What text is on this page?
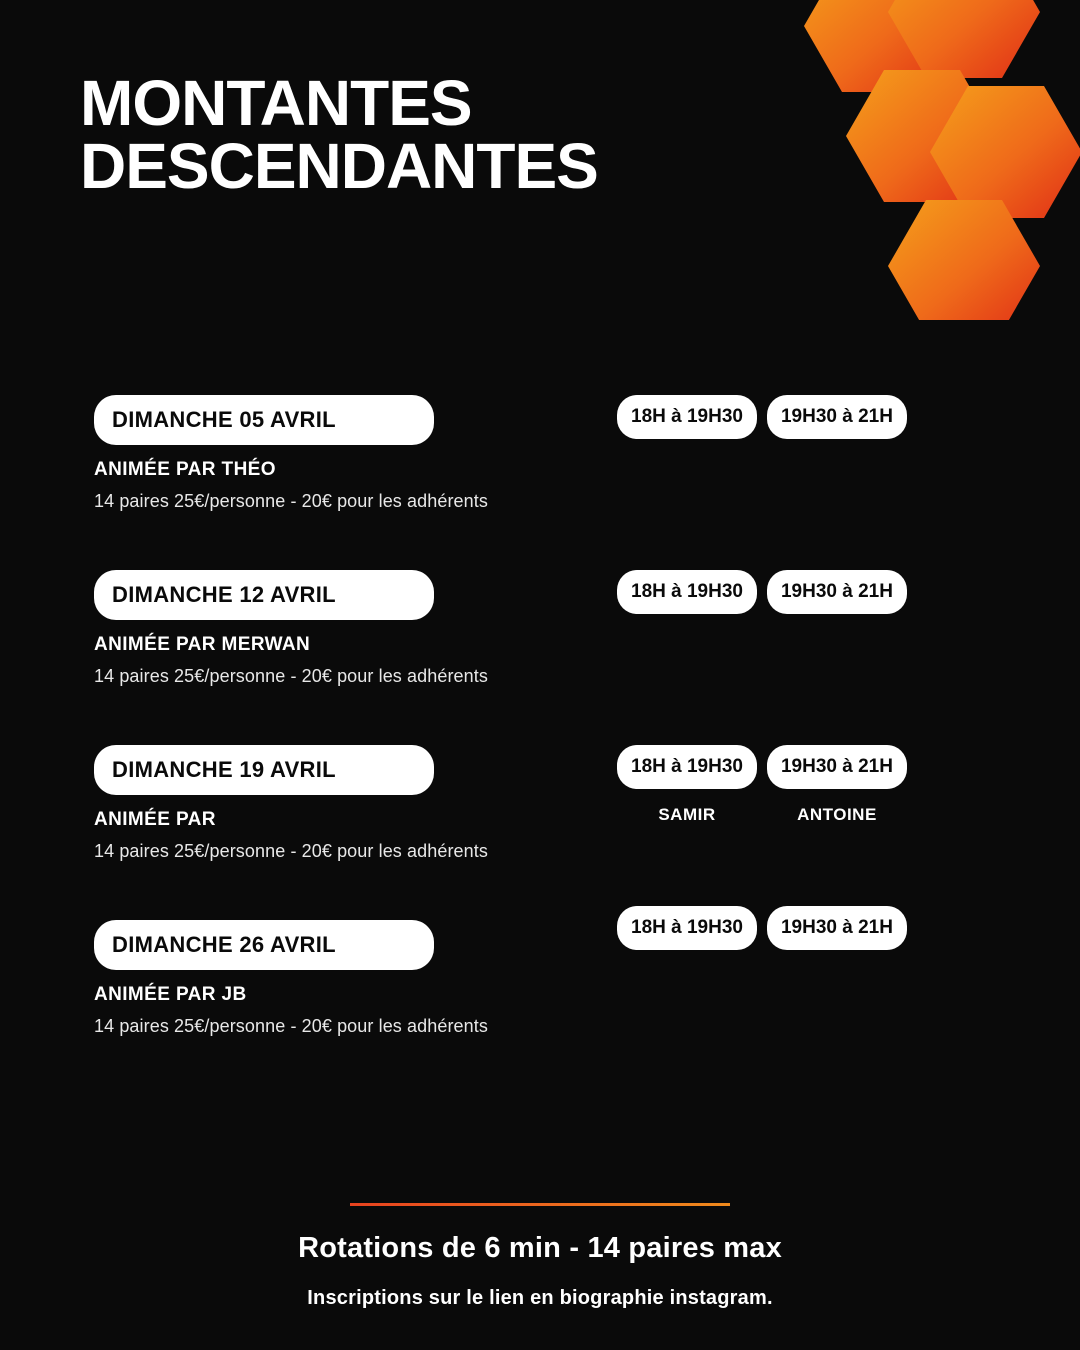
MONTANTES
DESCENDANTES
DIMANCHE 05 AVRIL
ANIMÉE PAR THÉO
14 paires 25€/personne - 20€ pour les adhérents
18H à 19H30	19H30 à 21H
DIMANCHE 12 AVRIL
ANIMÉE PAR MERWAN
14 paires 25€/personne - 20€ pour les adhérents
18H à 19H30	19H30 à 21H
DIMANCHE 19 AVRIL
ANIMÉE PAR
14 paires 25€/personne - 20€ pour les adhérents
18H à 19H30
SAMIR
19H30 à 21H
ANTOINE
DIMANCHE 26 AVRIL
ANIMÉE PAR JB
14 paires 25€/personne - 20€ pour les adhérents
18H à 19H30	19H30 à 21H
Rotations de 6 min - 14 paires max
Inscriptions sur le lien en biographie instagram.
